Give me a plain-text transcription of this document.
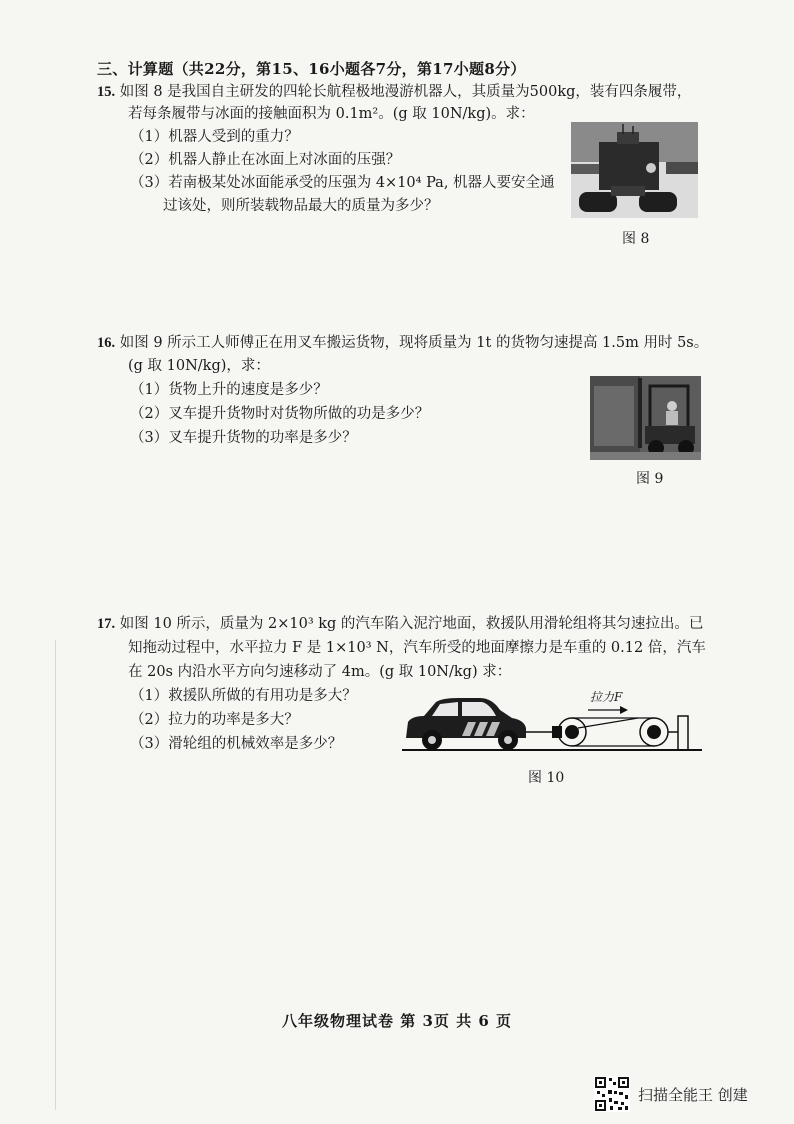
三、计算题（共22分，第15、16小题各7分，第17小题8分）
15. 如图 8 是我国自主研发的四轮长航程极地漫游机器人，其质量为500kg，装有四条履带，
若每条履带与冰面的接触面积为 0.1m²。(g 取 10N/kg)。求：
（1）机器人受到的重力？
（2）机器人静止在冰面上对冰面的压强？
（3）若南极某处冰面能承受的压强为 4×10⁴ Pa, 机器人要安全通
过该处，则所装载物品最大的质量为多少？
图 8
16. 如图 9 所示工人师傅正在用叉车搬运货物，现将质量为 1t 的货物匀速提高 1.5m 用时 5s。
(g 取 10N/kg)，求：
（1）货物上升的速度是多少？
（2）叉车提升货物时对货物所做的功是多少？
（3）叉车提升货物的功率是多少？
图 9
17. 如图 10 所示，质量为 2×10³ kg 的汽车陷入泥泞地面，救援队用滑轮组将其匀速拉出。已
知拖动过程中，水平拉力 F 是 1×10³ N，汽车所受的地面摩擦力是车重的 0.12 倍，汽车
在 20s 内沿水平方向匀速移动了 4m。(g 取 10N/kg) 求：
（1）救援队所做的有用功是多大？
（2）拉力的功率是多大？
（3）滑轮组的机械效率是多少？
拉力F
图 10
八年级物理试卷 第 3页 共 6 页
扫描全能王 创建
